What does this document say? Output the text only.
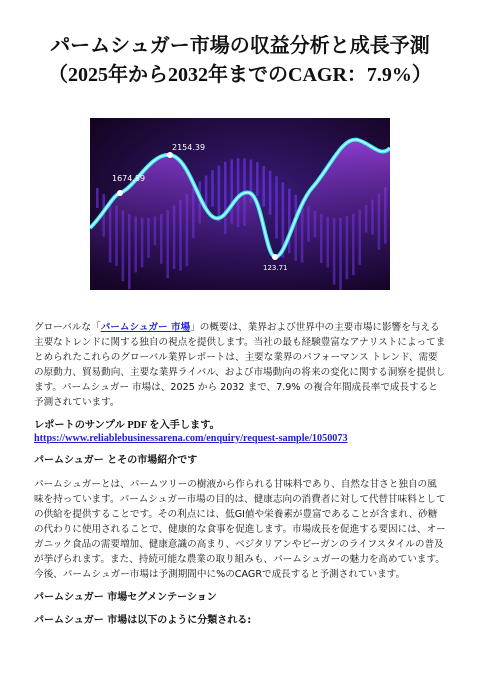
パームシュガー市場の収益分析と成長予測
（2025年から2032年までのCAGR：7.9%）
1674.89
2154.39
123.71

グローバルな「パームシュガー 市場」の概要は、業界および世界中の主要市場に影響を与える主要なトレンドに関する独自の視点を提供します。当社の最も経験豊富なアナリストによってまとめられたこれらのグローバル業界レポートは、主要な業界のパフォーマンス トレンド、需要の原動力、貿易動向、主要な業界ライバル、および市場動向の将来の変化に関する洞察を提供します。パームシュガー 市場は、2025 から 2032 まで、7.9% の複合年間成長率で成長すると予測されています。

レポートのサンプル PDF を入手します。 https://www.reliablebusinessarena.com/enquiry/request-sample/1050073

パームシュガー とその市場紹介です

パームシュガーとは、パームツリーの樹液から作られる甘味料であり、自然な甘さと独自の風味を持っています。パームシュガー市場の目的は、健康志向の消費者に対して代替甘味料としての供給を提供することです。その利点には、低GI値や栄養素が豊富であることが含まれ、砂糖の代わりに使用されることで、健康的な食事を促進します。市場成長を促進する要因には、オーガニック食品の需要増加、健康意識の高まり、ベジタリアンやビーガンのライフスタイルの普及が挙げられます。また、持続可能な農業の取り組みも、パームシュガーの魅力を高めています。今後、パームシュガー市場は予測期間中に%のCAGRで成長すると予測されています。

パームシュガー 市場セグメンテーション
パームシュガー 市場は以下のように分類される:
